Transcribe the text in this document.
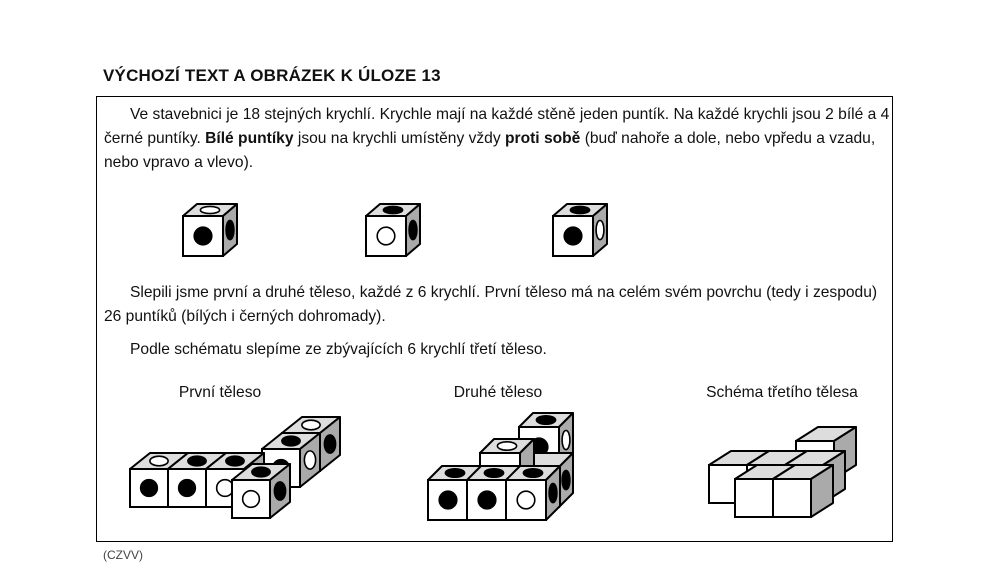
VÝCHOZÍ TEXT A OBRÁZEK K ÚLOZE 13
Ve stavebnici je 18 stejných krychlí. Krychle mají na každé stěně jeden puntík. Na každé krychli jsou 2 bílé a 4 černé puntíky. Bílé puntíky jsou na krychli umístěny vždy proti sobě (buď nahoře a dole, nebo vpředu a vzadu, nebo vpravo a vlevo).
Slepili jsme první a druhé těleso, každé z 6 krychlí. První těleso má na celém svém povrchu (tedy i zespodu) 26 puntíků (bílých i černých dohromady).
Podle schématu slepíme ze zbývajících 6 krychlí třetí těleso.
První těleso	Druhé těleso	Schéma třetího tělesa
(CZVV)
